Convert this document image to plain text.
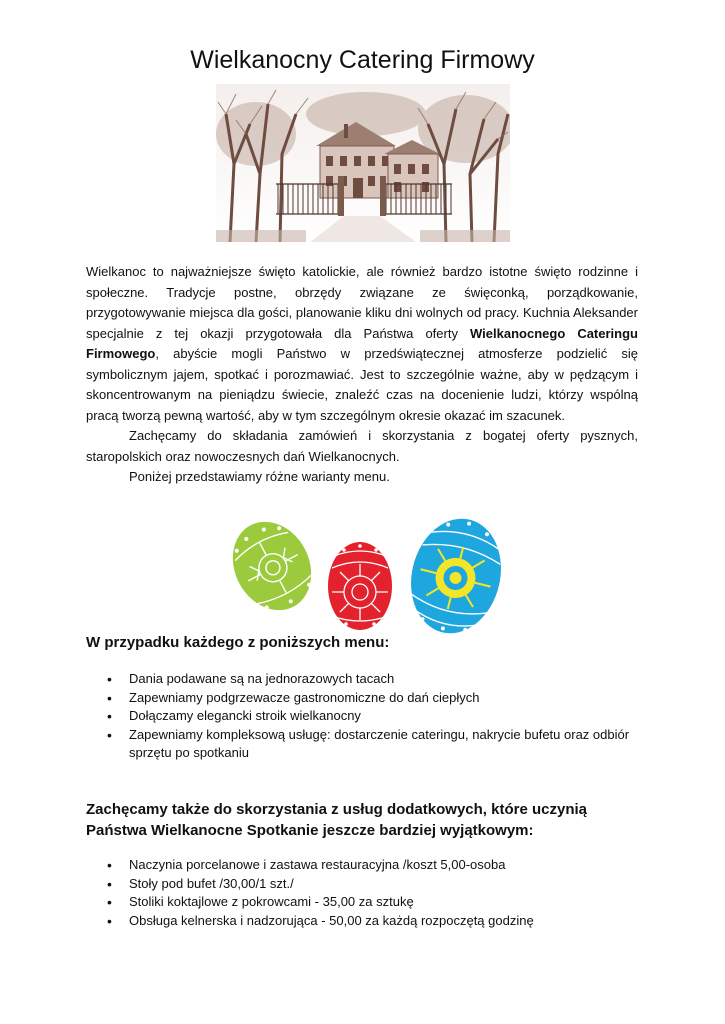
Wielkanocny Catering Firmowy

Wielkanoc to najważniejsze święto katolickie, ale również bardzo istotne święto rodzinne i społeczne. Tradycje postne, obrzędy związane ze święconką, porządkowanie, przygotowywanie miejsca dla gości, planowanie kliku dni wolnych od pracy. Kuchnia Aleksander specjalnie z tej okazji przygotowała dla Państwa oferty Wielkanocnego Cateringu Firmowego, abyście mogli Państwo w przedświątecznej atmosferze podzielić się symbolicznym jajem, spotkać i porozmawiać. Jest to szczególnie ważne, aby w pędzącym i skoncentrowanym na pieniądzu świecie, znaleźć czas na docenienie ludzi, którzy wspólną pracą tworzą pewną wartość, aby w tym szczególnym okresie okazać im szacunek.

Zachęcamy do składania zamówień i skorzystania z bogatej oferty pysznych, staropolskich oraz nowoczesnych dań Wielkanocnych.

Poniżej przedstawiamy różne warianty menu.

W przypadku każdego z poniższych menu:
• Dania podawane są na jednorazowych tacach
• Zapewniamy podgrzewacze gastronomiczne do dań ciepłych
• Dołączamy elegancki stroik wielkanocny
• Zapewniamy kompleksową usługę: dostarczenie cateringu, nakrycie bufetu oraz odbiór sprzętu po spotkaniu
Zachęcamy także do skorzystania z usług dodatkowych, które uczynią
Państwa Wielkanocne Spotkanie jeszcze bardziej wyjątkowym:
• Naczynia porcelanowe i zastawa restauracyjna /koszt 5,00-osoba
• Stoły pod bufet /30,00/1 szt./
• Stoliki koktajlowe z pokrowcami - 35,00 za sztukę
• Obsługa kelnerska i nadzorująca - 50,00 za każdą rozpoczętą godzinę
